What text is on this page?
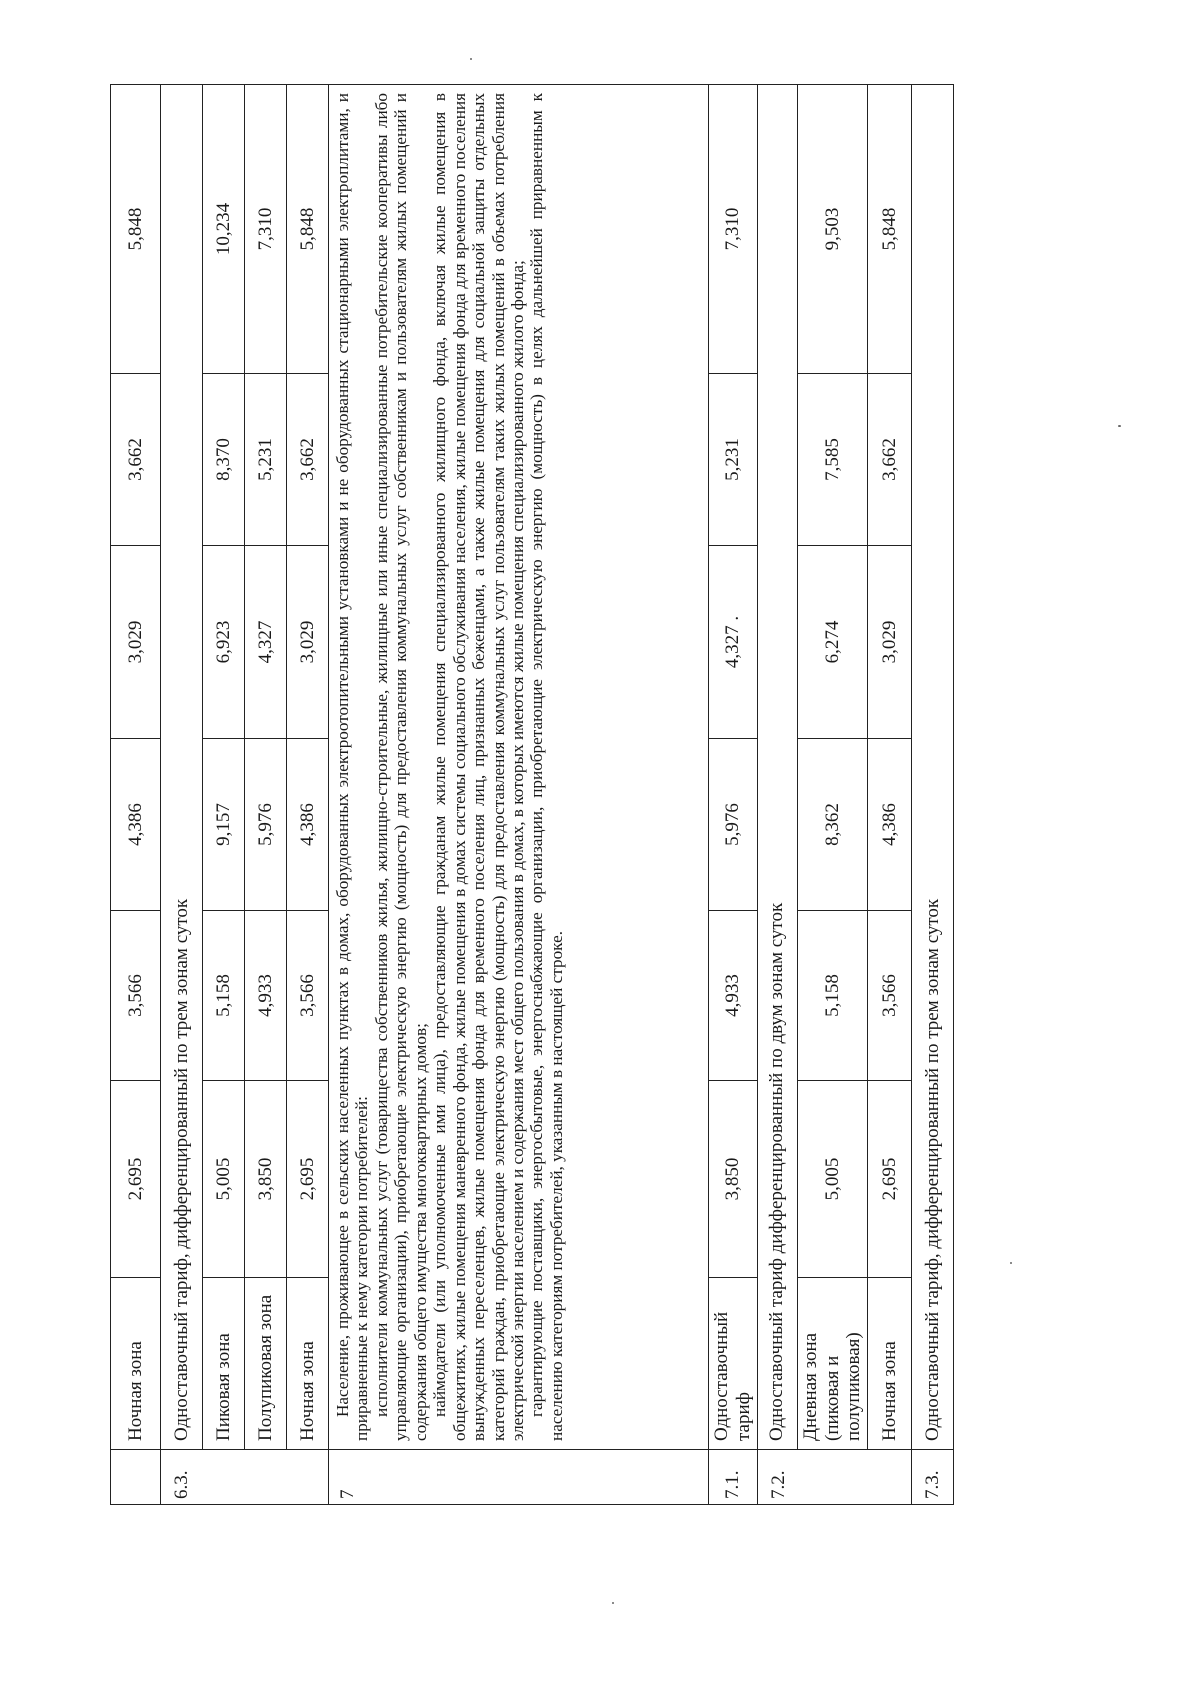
	Ночная зона	2,695	3,566	4,386	3,029	3,662	5,848
6.3.	Одноставочный тариф, дифференцированный по трем зонам суток						
	Пиковая зона	5,005	5,158	9,157	6,923	8,370	10,234
	Полупиковая зона	3,850	4,933	5,976	4,327	5,231	7,310
	Ночная зона	2,695	3,566	4,386	3,029	3,662	5,848
7	Население, проживающее в сельских населенных пунктах в домах, оборудованных электроотопительными установками и не оборудованных стационарными электроплитами, и приравненные к нему категории потребителей: исполнители коммунальных услуг (товарищества собственников жилья, жилищно-строительные, жилищные или иные специализированные потребительские кооперативы либо управляющие организации), приобретающие электрическую энергию (мощность) для предоставления коммунальных услуг собственникам и пользователям жилых помещений и содержания общего имущества многоквартирных домов; наймодатели (или уполномоченные ими лица), предоставляющие гражданам жилые помещения специализированного жилищного фонда, включая жилые помещения в общежитиях, жилые помещения маневренного фонда, жилые помещения в домах системы социального обслуживания населения, жилые помещения фонда для временного поселения вынужденных переселенцев, жилые помещения фонда для временного поселения лиц, признанных беженцами, а также жилые помещения для социальной защиты отдельных категорий граждан, приобретающие электрическую энергию (мощность) для предоставления коммунальных услуг пользователям таких жилых помещений в объемах потребления электрической энергии населением и содержания мест общего пользования в домах, в которых имеются жилые помещения специализированного жилого фонда; гарантирующие поставщики, энергосбытовые, энергоснабжающие организации, приобретающие электрическую энергию (мощность) в целях дальнейшей приравненным к населению категориям потребителей, указанным в настоящей строке.						

7.1.	Одноставочный тариф	3,850	4,933	5,976	4,327 .	5,231	7,310
7.2.	Одноставочный тариф дифференцированный по двум зонам суток						
	Дневная зона (пиковая и полупиковая)	5,005	5,158	8,362	6,274	7,585	9,503
	Ночная зона	2,695	3,566	4,386	3,029	3,662	5,848
7.3.	Одноставочный тариф, дифференцированный по трем зонам суток						
